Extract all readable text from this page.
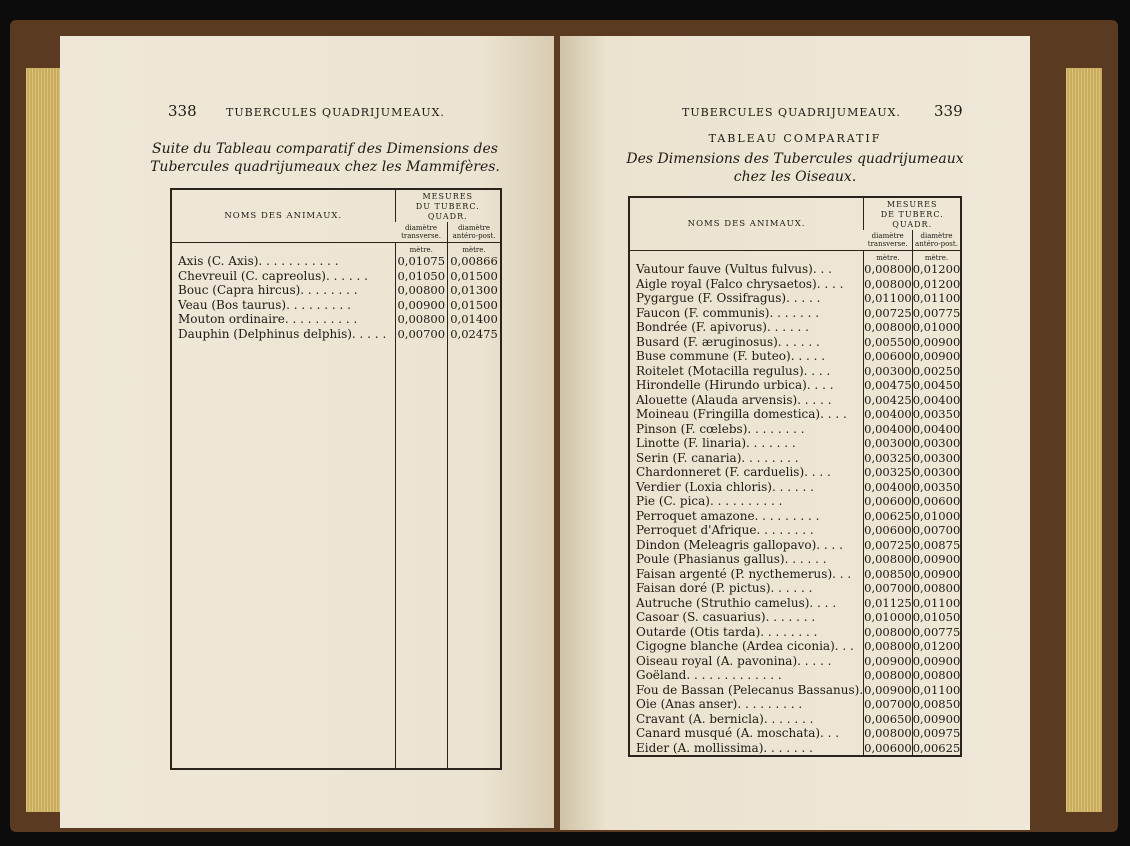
338	TUBERCULES QUADRIJUMEAUX.
Suite du Tableau comparatif des Dimensions des
Tubercules quadrijumeaux chez les Mammifères.
NOMS DES ANIMAUX.	MESURES
DU TUBERC. QUADR.	

	diamètre transverse.	diamètre antéro-post.
	mètre.	mètre.
Axis (C. Axis). . . . . . . . . . .	0,01075	0,00866
Chevreuil (C. capreolus). . . . . .	0,01050	0,01500
Bouc (Capra hircus). . . . . . . .	0,00800	0,01300
Veau (Bos taurus). . . . . . . . .	0,00900	0,01500
Mouton ordinaire. . . . . . . . . .	0,00800	0,01400
Dauphin (Delphinus delphis). . . . .	0,00700	0,02475

TUBERCULES QUADRIJUMEAUX. 339
TABLEAU COMPARATIF
Des Dimensions des Tubercules quadrijumeaux
chez les Oiseaux.
NOMS DES ANIMAUX.	MESURES
DE TUBERC. QUADR.	

	diamètre transverse.	diamètre antéro-post.
	mètre.	mètre.
Vautour fauve (Vultus fulvus). . .	0,00800	0,01200
Aigle royal (Falco chrysaetos). . . .	0,00800	0,01200
Pygargue (F. Ossifragus). . . . .	0,01100	0,01100
Faucon (F. communis). . . . . . .	0,00725	0,00775
Bondrée (F. apivorus). . . . . .	0,00800	0,01000
Busard (F. æruginosus). . . . . .	0,00550	0,00900
Buse commune (F. buteo). . . . .	0,00600	0,00900
Roitelet (Motacilla regulus). . . .	0,00300	0,00250
Hirondelle (Hirundo urbica). . . .	0,00475	0,00450
Alouette (Alauda arvensis). . . . .	0,00425	0,00400
Moineau (Fringilla domestica). . . .	0,00400	0,00350
Pinson (F. cœlebs). . . . . . . .	0,00400	0,00400
Linotte (F. linaria). . . . . . .	0,00300	0,00300
Serin (F. canaria). . . . . . . .	0,00325	0,00300
Chardonneret (F. carduelis). . . .	0,00325	0,00300
Verdier (Loxia chloris). . . . . .	0,00400	0,00350
Pie (C. pica). . . . . . . . . .	0,00600	0,00600
Perroquet amazone. . . . . . . . .	0,00625	0,01000
Perroquet d'Afrique. . . . . . . .	0,00600	0,00700
Dindon (Meleagris gallopavo). . . .	0,00725	0,00875
Poule (Phasianus gallus). . . . . .	0,00800	0,00900
Faisan argenté (P. nycthemerus). . .	0,00850	0,00900
Faisan doré (P. pictus). . . . . .	0,00700	0,00800
Autruche (Struthio camelus). . . .	0,01125	0,01100
Casoar (S. casuarius). . . . . . .	0,01000	0,01050
Outarde (Otis tarda). . . . . . . .	0,00800	0,00775
Cigogne blanche (Ardea ciconia). . .	0,00800	0,01200
Oiseau royal (A. pavonina). . . . .	0,00900	0,00900
Goëland. . . . . . . . . . . . .	0,00800	0,00800
Fou de Bassan (Pelecanus Bassanus).	0,00900	0,01100
Oie (Anas anser). . . . . . . . .	0,00700	0,00850
Cravant (A. bernicla). . . . . . .	0,00650	0,00900
Canard musqué (A. moschata). . .	0,00800	0,00975
Eider (A. mollissima). . . . . . .	0,00600	0,00625
